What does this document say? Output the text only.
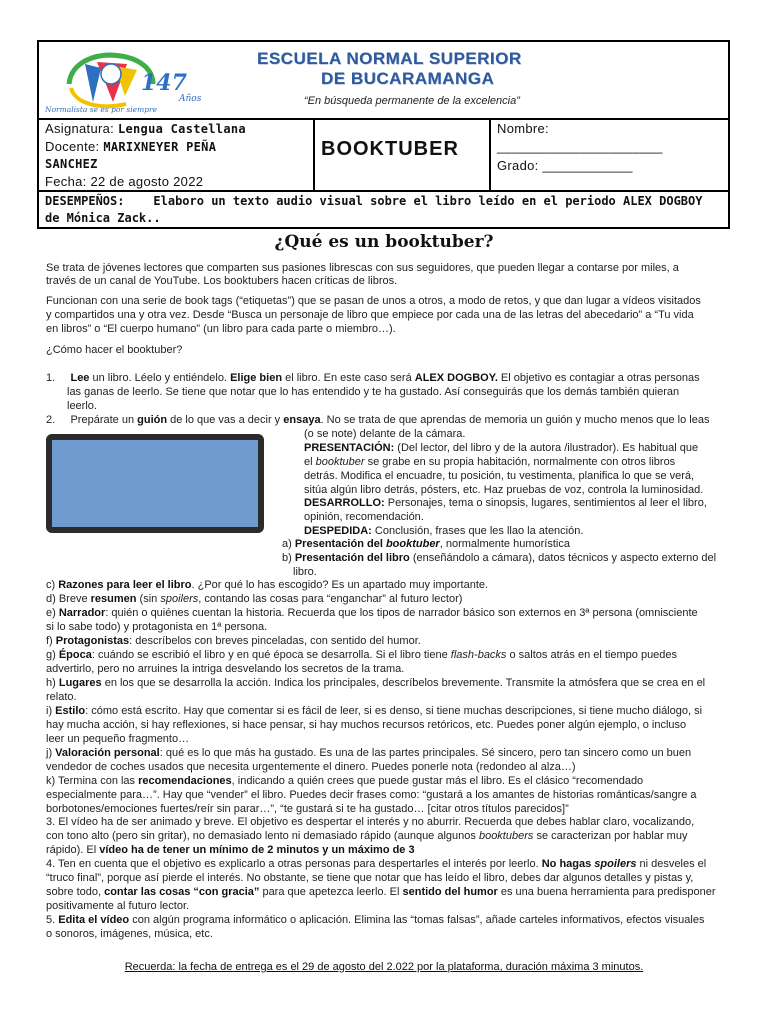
147
Años
Normalista se es por siempre
ESCUELA NORMAL SUPERIOR
DE BUCARAMANGA
“En búsqueda permanente de la excelencia”
Asignatura: Lengua Castellana
Docente: MARIXNEYER PEÑA
SANCHEZ
Fecha: 22 de agosto 2022
BOOKTUBER
Nombre:
______________________
Grado: ____________
DESEMPEÑOS: Elaboro un texto audio visual sobre el libro leído en el periodo ALEX DOGBOY
de Mónica Zack..
¿Qué es un booktuber?
Se trata de jóvenes lectores que comparten sus pasiones librescas con sus seguidores, que pueden llegar a contarse por miles, a
través de un canal de YouTube. Los booktubers hacen críticas de libros.
Funcionan con una serie de book tags (“etiquetas”) que se pasan de unos a otros, a modo de retos, y que dan lugar a vídeos visitados
y compartidos una y otra vez. Desde “Busca un personaje de libro que empiece por cada una de las letras del abecedario” a “Tu vida
en libros” o “El cuerpo humano” (un libro para cada parte o miembro…).
¿Cómo hacer el booktuber?
1. Lee un libro. Léelo y entiéndelo. Elige bien el libro. En este caso será ALEX DOGBOY. El objetivo es contagiar a otras personas
las ganas de leerlo. Se tiene que notar que lo has entendido y te ha gustado. Así conseguirás que los demás también quieran
leerlo.
2. Prepárate un guión de lo que vas a decir y ensaya. No se trata de que aprendas de memoria un guión y mucho menos que lo leas
(o se note) delante de la cámara.
PRESENTACIÓN: (Del lector, del libro y de la autora /ilustrador). Es habitual que
el booktuber se grabe en su propia habitación, normalmente con otros libros
detrás. Modifica el encuadre, tu posición, tu vestimenta, planifica lo que se verá,
sitúa algún libro detrás, pósters, etc. Haz pruebas de voz, controla la luminosidad.
DESARROLLO: Personajes, tema o sinopsis, lugares, sentimientos al leer el libro,
opinión, recomendación.
DESPEDIDA: Conclusión, frases que les llao la atención.
a) Presentación del booktuber, normalmente humorística
b) Presentación del libro (enseñándolo a cámara), datos técnicos y aspecto externo del
libro.
c) Razones para leer el libro. ¿Por qué lo has escogido? Es un apartado muy importante.
d) Breve resumen (sin spoilers, contando las cosas para “enganchar” al futuro lector)
e) Narrador: quién o quiénes cuentan la historia. Recuerda que los tipos de narrador básico son externos en 3ª persona (omnisciente
si lo sabe todo) y protagonista en 1ª persona.
f) Protagonistas: descríbelos con breves pinceladas, con sentido del humor.
g) Época: cuándo se escribió el libro y en qué época se desarrolla. Si el libro tiene flash-backs o saltos atrás en el tiempo puedes
advertirlo, pero no arruines la intriga desvelando los secretos de la trama.
h) Lugares en los que se desarrolla la acción. Indica los principales, descríbelos brevemente. Transmite la atmósfera que se crea en el
relato.
i) Estilo: cómo está escrito. Hay que comentar si es fácil de leer, si es denso, si tiene muchas descripciones, si tiene mucho diálogo, si
hay mucha acción, si hay reflexiones, si hace pensar, si hay muchos recursos retóricos, etc. Puedes poner algún ejemplo, o incluso
leer un pequeño fragmento…
j) Valoración personal: qué es lo que más ha gustado. Es una de las partes principales. Sé sincero, pero tan sincero como un buen
vendedor de coches usados que necesita urgentemente el dinero. Puedes ponerle nota (redondeo al alza…)
k) Termina con las recomendaciones, indicando a quién crees que puede gustar más el libro. Es el clásico “recomendado
especialmente para…”. Hay que “vender” el libro. Puedes decir frases como: “gustará a los amantes de historias románticas/sangre a
borbotones/emociones fuertes/reír sin parar…”, “te gustará si te ha gustado… [citar otros títulos parecidos]”
3. El vídeo ha de ser animado y breve. El objetivo es despertar el interés y no aburrir. Recuerda que debes hablar claro, vocalizando,
con tono alto (pero sin gritar), no demasiado lento ni demasiado rápido (aunque algunos booktubers se caracterizan por hablar muy
rápido). El vídeo ha de tener un mínimo de 2 minutos y un máximo de 3
4. Ten en cuenta que el objetivo es explicarlo a otras personas para despertarles el interés por leerlo. No hagas spoilers ni desveles el
“truco final”, porque así pierde el interés. No obstante, se tiene que notar que has leído el libro, debes dar algunos detalles y pistas y,
sobre todo, contar las cosas “con gracia” para que apetezca leerlo. El sentido del humor es una buena herramienta para predisponer
positivamente al futuro lector.
5. Edita el vídeo con algún programa informático o aplicación. Elimina las “tomas falsas”, añade carteles informativos, efectos visuales
o sonoros, imágenes, música, etc.
Recuerda: la fecha de entrega es el 29 de agosto del 2.022 por la plataforma, duración máxima 3 minutos.
